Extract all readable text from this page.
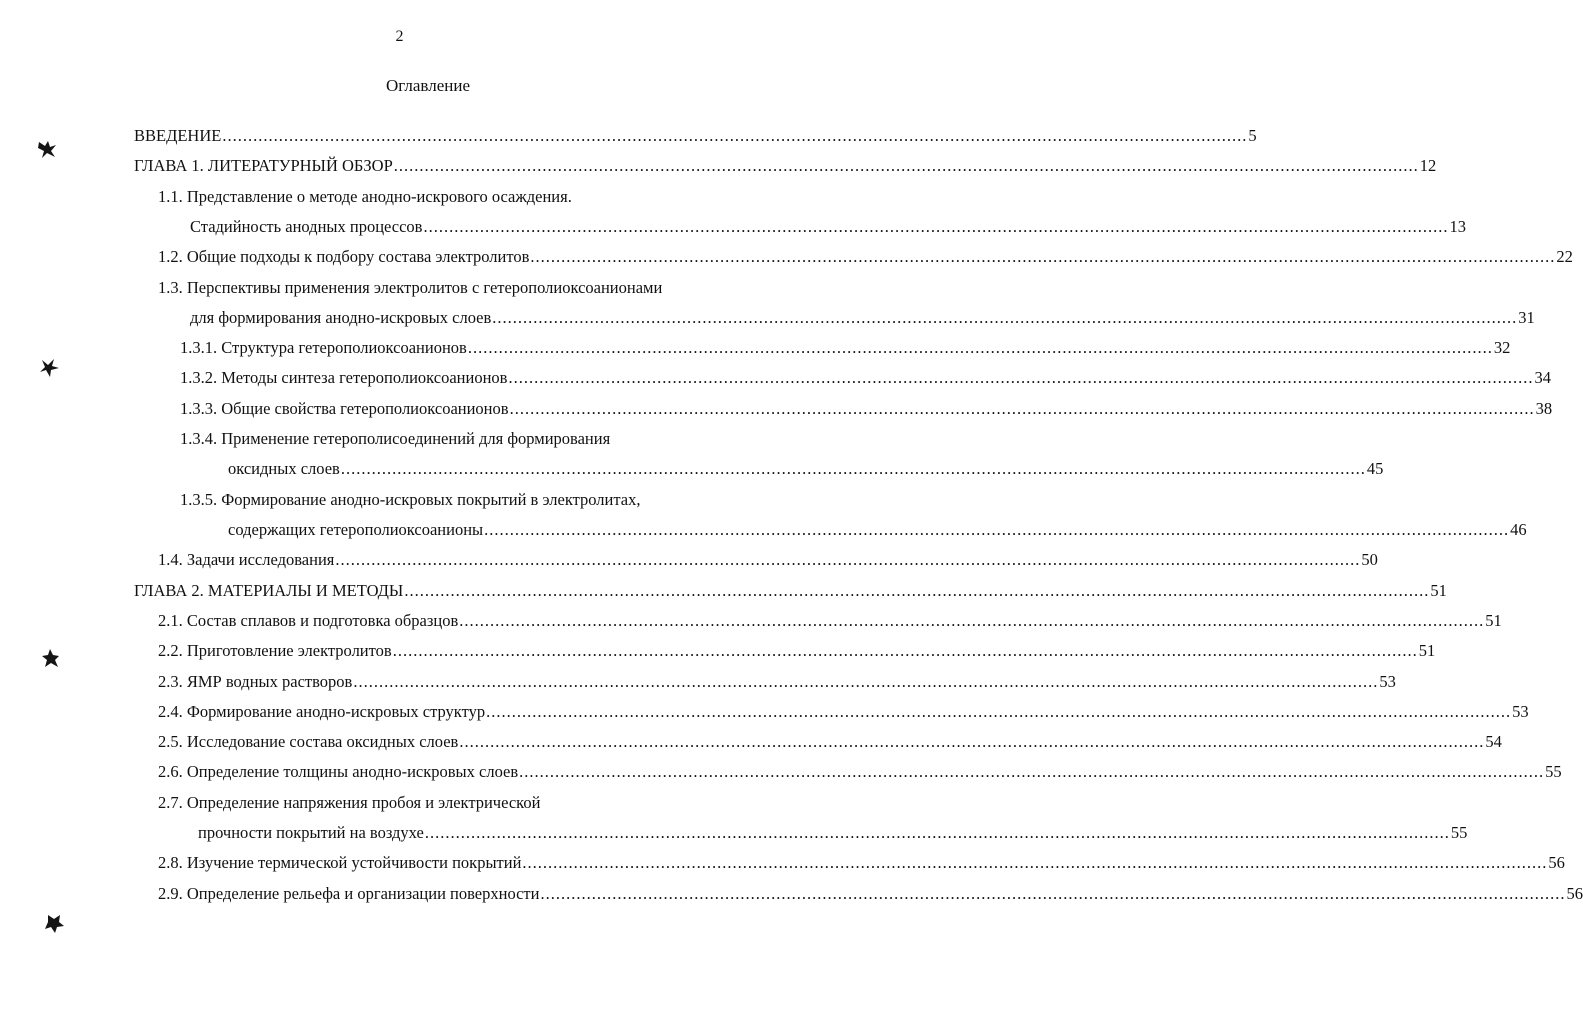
2
Оглавление
ВВЕДЕНИЕ ........................................................................................................................................................................................................ 5
ГЛАВА 1. ЛИТЕРАТУРНЫЙ ОБЗОР ........................................................................................................................................................................................................ 12
1.1. Представление о методе анодно-искрового осаждения.
Стадийность анодных процессов ........................................................................................................................................................................................................ 13
1.2. Общие подходы к подбору состава электролитов ........................................................................................................................................................................................................ 22
1.3. Перспективы применения электролитов с гетерополиоксоанионами
для формирования анодно-искровых слоев ........................................................................................................................................................................................................ 31
1.3.1. Структура гетерополиоксоанионов ........................................................................................................................................................................................................ 32
1.3.2. Методы синтеза гетерополиоксоанионов ........................................................................................................................................................................................................ 34
1.3.3. Общие свойства гетерополиоксоанионов ........................................................................................................................................................................................................ 38
1.3.4. Применение гетерополисоединений для формирования
оксидных слоев ........................................................................................................................................................................................................ 45
1.3.5. Формирование анодно-искровых покрытий в электролитах,
содержащих гетерополиоксоанионы ........................................................................................................................................................................................................ 46
1.4. Задачи исследования ........................................................................................................................................................................................................ 50
ГЛАВА 2. МАТЕРИАЛЫ И МЕТОДЫ ........................................................................................................................................................................................................ 51
2.1. Состав сплавов и подготовка образцов ........................................................................................................................................................................................................ 51
2.2. Приготовление электролитов ........................................................................................................................................................................................................ 51
2.3. ЯМР водных растворов ........................................................................................................................................................................................................ 53
2.4. Формирование анодно-искровых структур ........................................................................................................................................................................................................ 53
2.5. Исследование состава оксидных слоев ........................................................................................................................................................................................................ 54
2.6. Определение толщины анодно-искровых слоев ........................................................................................................................................................................................................ 55
2.7. Определение напряжения пробоя и электрической
прочности покрытий на воздухе ........................................................................................................................................................................................................ 55
2.8. Изучение термической устойчивости покрытий ........................................................................................................................................................................................................ 56
2.9. Определение рельефа и организации поверхности ........................................................................................................................................................................................................ 56
